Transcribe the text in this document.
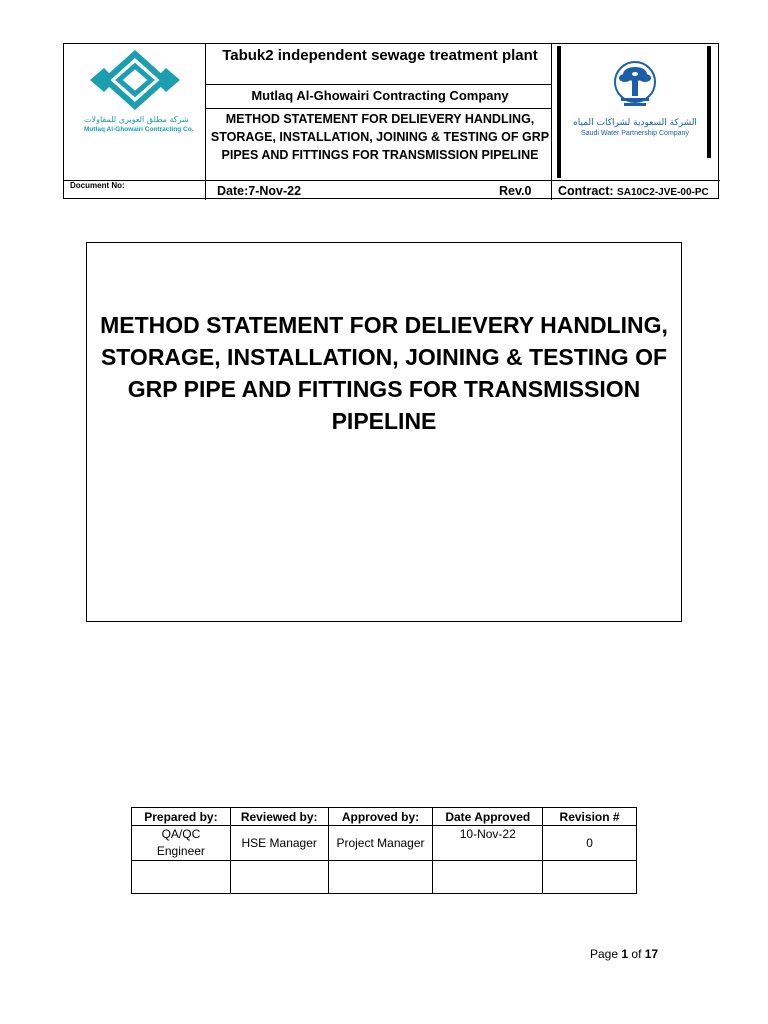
شركة مطلق الغويري للمقاولات
Mutlaq Al-Ghowairi Contracting Co.
Tabuk2 independent sewage treatment plant
Mutlaq Al-Ghowairi Contracting Company
METHOD STATEMENT FOR DELIEVERY HANDLING, STORAGE, INSTALLATION, JOINING & TESTING OF GRP PIPES AND FITTINGS FOR TRANSMISSION PIPELINE
الشركة السعودية لشراكات المياه
Saudi Water Partnership Company
Document No:	Date:7-Nov-22	Rev.0 Contract: SA10C2-JVE-00-PC
METHOD STATEMENT FOR DELIEVERY HANDLING, STORAGE, INSTALLATION, JOINING & TESTING OF GRP PIPE AND FITTINGS FOR TRANSMISSION PIPELINE
Prepared by:	Reviewed by:	Approved by:	Date Approved	Revision #
QA/QC Engineer	HSE Manager	Project Manager	10-Nov-22	0

Page 1 of 17
